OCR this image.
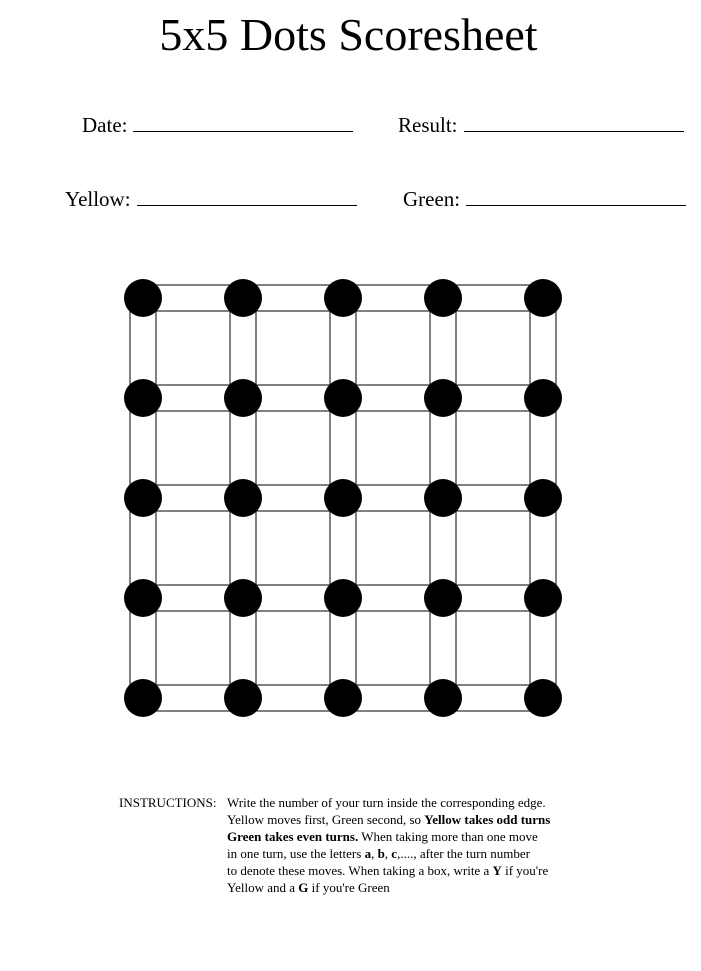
5x5 Dots Scoresheet
Date:	Result:
Yellow:	Green:
INSTRUCTIONS: Write the number of your turn inside the corresponding edge.
Yellow moves first, Green second, so Yellow takes odd turns
Green takes even turns. When taking more than one move
in one turn, use the letters a, b, c,...., after the turn number
to denote these moves. When taking a box, write a Y if you're
Yellow and a G if you're Green
